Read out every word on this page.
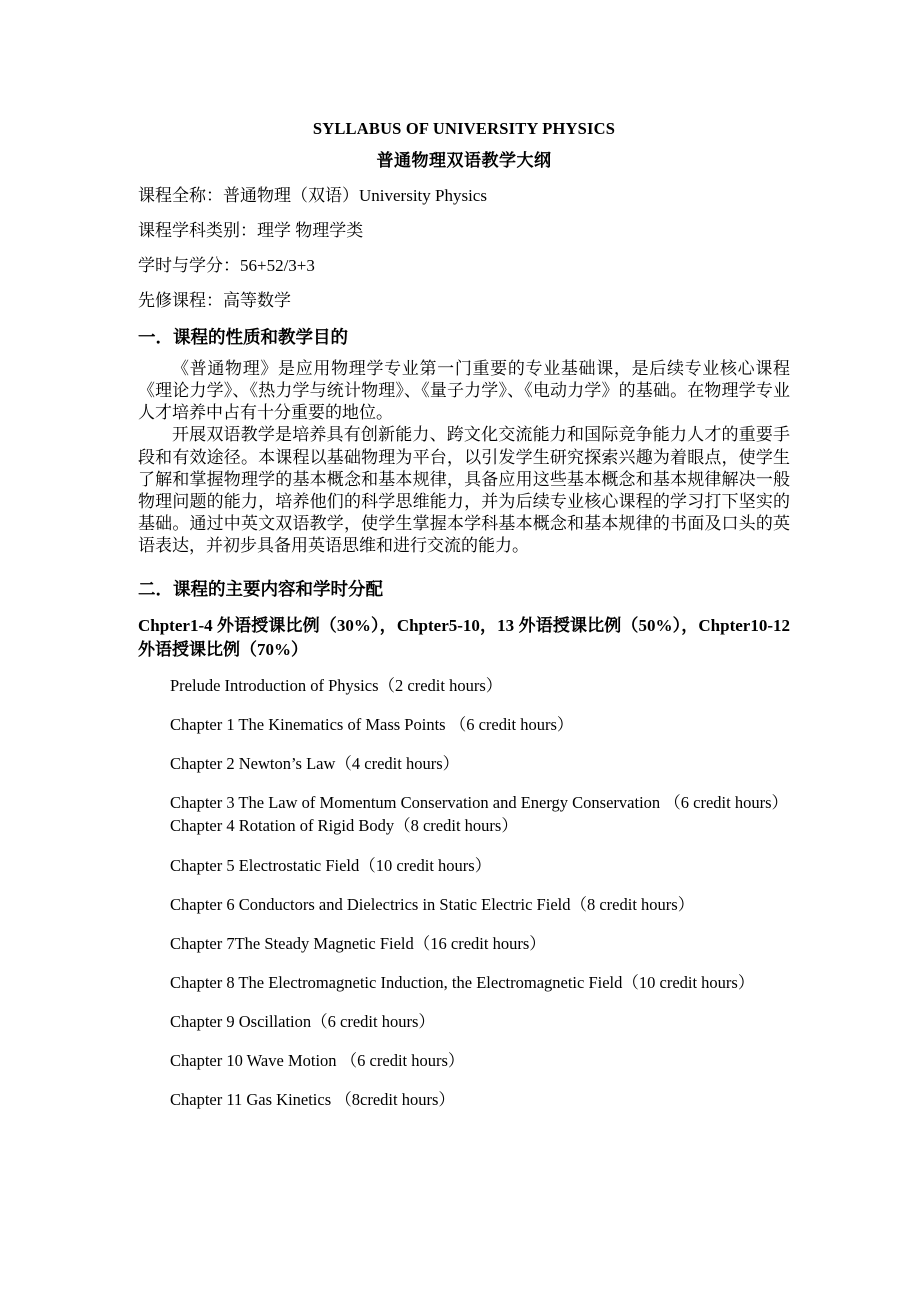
SYLLABUS OF UNIVERSITY PHYSICS
普通物理双语教学大纲

课程全称：普通物理（双语）University Physics

课程学科类别：理学 物理学类

学时与学分：56+52/3+3

先修课程：高等数学

一．课程的性质和教学目的

《普通物理》是应用物理学专业第一门重要的专业基础课，是后续专业核心课程《理论力学》、《热力学与统计物理》、《量子力学》、《电动力学》的基础。在物理学专业人才培养中占有十分重要的地位。

开展双语教学是培养具有创新能力、跨文化交流能力和国际竞争能力人才的重要手段和有效途径。本课程以基础物理为平台，以引发学生研究探索兴趣为着眼点，使学生了解和掌握物理学的基本概念和基本规律，具备应用这些基本概念和基本规律解决一般物理问题的能力，培养他们的科学思维能力，并为后续专业核心课程的学习打下坚实的基础。通过中英文双语教学，使学生掌握本学科基本概念和基本规律的书面及口头的英语表达，并初步具备用英语思维和进行交流的能力。

二．课程的主要内容和学时分配

Chpter1-4 外语授课比例（30%），Chpter5-10，13 外语授课比例（50%），Chpter10-12 外语授课比例（70%）

Prelude Introduction of Physics（2 credit hours）
Chapter 1 The Kinematics of Mass Points （6 credit hours）
Chapter 2 Newton’s Law（4 credit hours）
Chapter 3 The Law of Momentum Conservation and Energy Conservation （6 credit hours）
Chapter 4 Rotation of Rigid Body（8 credit hours）
Chapter 5 Electrostatic Field（10 credit hours）
Chapter 6 Conductors and Dielectrics in Static Electric Field（8 credit hours）
Chapter 7The Steady Magnetic Field（16 credit hours）
Chapter 8 The Electromagnetic Induction, the Electromagnetic Field（10 credit hours）
Chapter 9 Oscillation（6 credit hours）
Chapter 10 Wave Motion （6 credit hours）
Chapter 11 Gas Kinetics （8credit hours）
